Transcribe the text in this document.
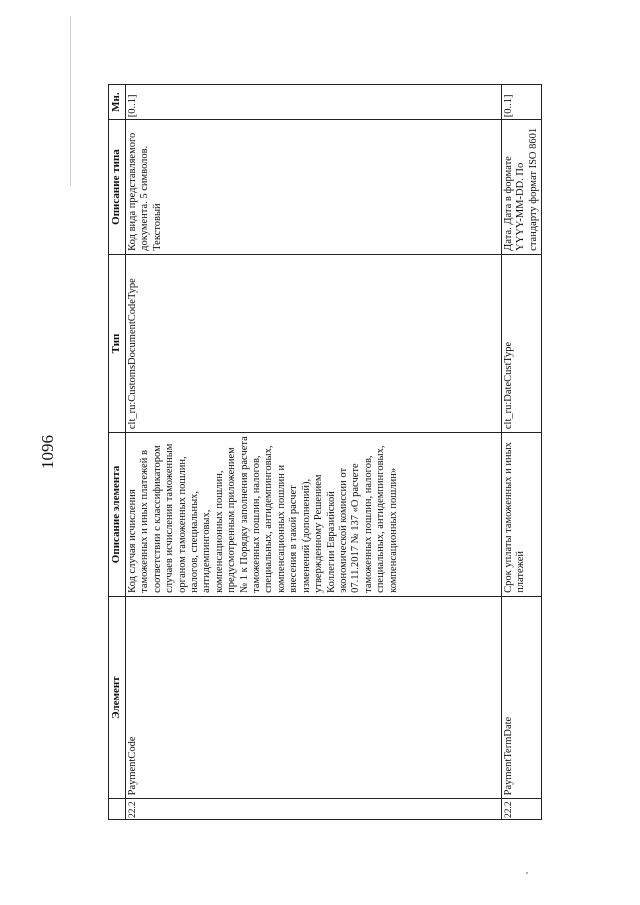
1096
	Элемент	Описание элемента	Тип	Описание типа	Мн.
22.2	PaymentCode	Код случая исчисления таможенных и иных платежей в соответствии с классификатором случаев исчисления таможенным органом таможенных пошлин, налогов, специальных, антидемпинговых, компенсационных пошлин, предусмотренным приложением № 1 к Порядку заполнения расчета таможенных пошлин, налогов, специальных, антидемпинговых, компенсационных пошлин и внесения в такой расчет изменений (дополнений), утвержденному Решением Коллегии Евразийской экономической комиссии от 07.11.2017 № 137 «О расчете таможенных пошлин, налогов, специальных, антидемпинговых, компенсационных пошлин»	clt_ru:CustomsDocumentCodeType	Код вида представляемого документа. 5 символов. Текстовый	[0..1]
22.2	PaymentTermDate	Срок уплаты таможенных и иных платежей	clt_ru:DateCustType	Дата. Дата в формате YYYY-MM-DD. По стандарту формат ISO 8601	[0..1]
